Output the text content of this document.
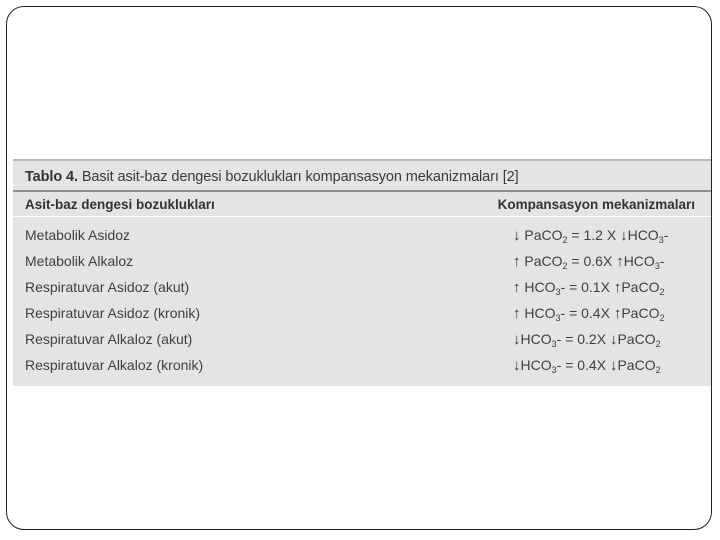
Tablo 4. Basit asit-baz dengesi bozuklukları kompansasyon mekanizmaları [2]
Asit-baz dengesi bozuklukları	Kompansasyon mekanizmaları
Metabolik Asidoz	↓ PaCO$_2$ = 1.2 X $↓HCO_3-$
Metabolik Alkaloz	↑ PaCO$_2$ = 0.6X $↑HCO_3-$
Respiratuvar Asidoz (akut)	↑ $HCO_3- = 0.1X$ ↑PaCO$_2$
Respiratuvar Asidoz (kronik)	↑ $HCO_3- = 0.4X$ ↑PaCO$_2$
Respiratuvar Alkaloz (akut)	$↓HCO_3- = 0.2X$ ↓PaCO$_2$
Respiratuvar Alkaloz (kronik)	$↓HCO_3- = 0.4X$ ↓PaCO$_2$
